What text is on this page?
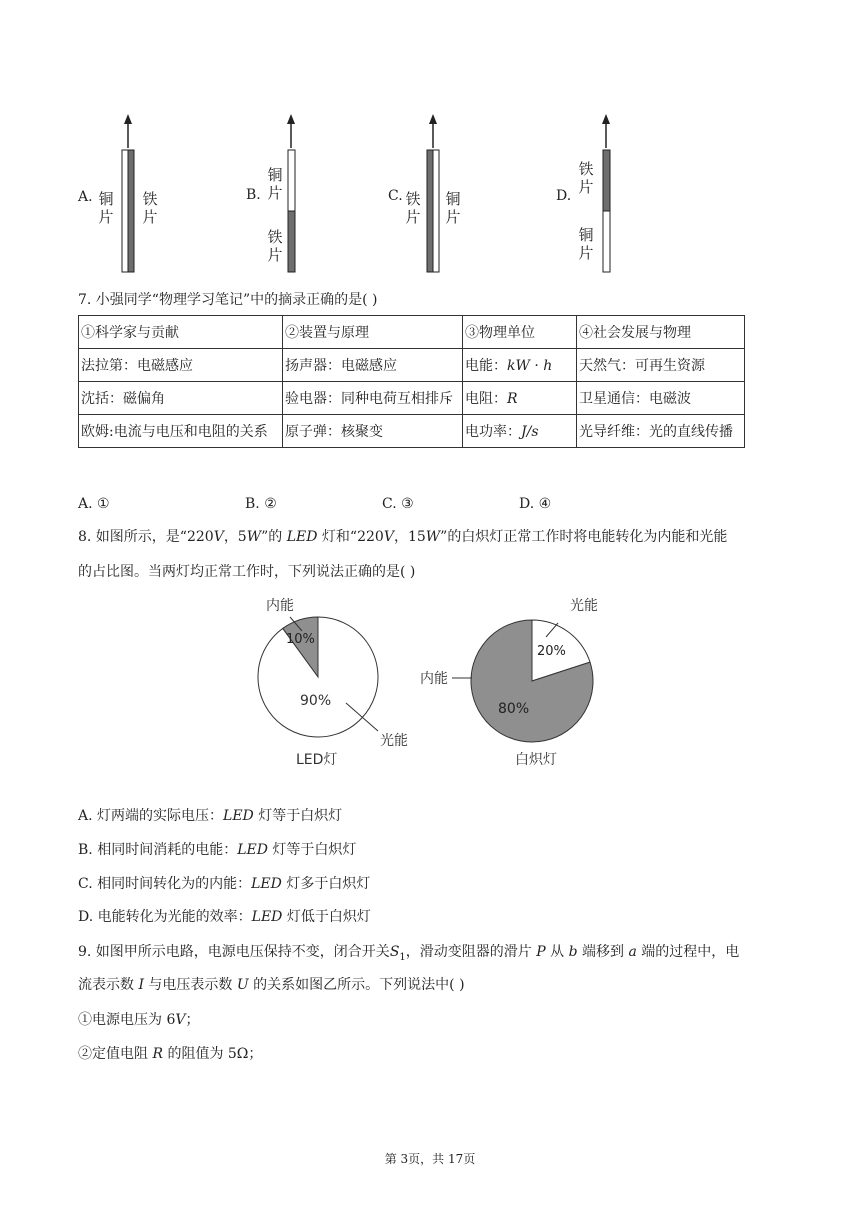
A. 铜片
铁片
B.
铜片
铁片
C. 铁片
铜片
D.
铁片
铜片
7. 小强同学“物理学习笔记”中的摘录正确的是( )
①科学家与贡献	②装置与原理	③物理单位	④社会发展与物理
法拉第：电磁感应	扬声器：电磁感应	电能：kW · h	天然气：可再生资源
沈括：磁偏角	验电器：同种电荷互相排斥	电阻：R	卫星通信：电磁波
欧姆:电流与电压和电阻的关系	原子弹：核聚变	电功率：J/s	光导纤维：光的直线传播
A. ①	B. ②	C. ③	D. ④
8. 如图所示，是“220V，5W”的 LED 灯和“220V，15W”的白炽灯正常工作时将电能转化为内能和光能
的占比图。当两灯均正常工作时，下列说法正确的是( )
内能
10%
90%
光能
LED灯
光能
20%
内能
80%
白炽灯
A. 灯两端的实际电压：LED 灯等于白炽灯
B. 相同时间消耗的电能：LED 灯等于白炽灯
C. 相同时间转化为的内能：LED 灯多于白炽灯
D. 电能转化为光能的效率：LED 灯低于白炽灯
9. 如图甲所示电路，电源电压保持不变，闭合开关$S_1$，滑动变阻器的滑片 P 从 b 端移到 a 端的过程中，电
流表示数 I 与电压表示数 U 的关系如图乙所示。下列说法中( )
①电源电压为 6V；
②定值电阻 R 的阻值为 5Ω；
第 3页，共 17页
